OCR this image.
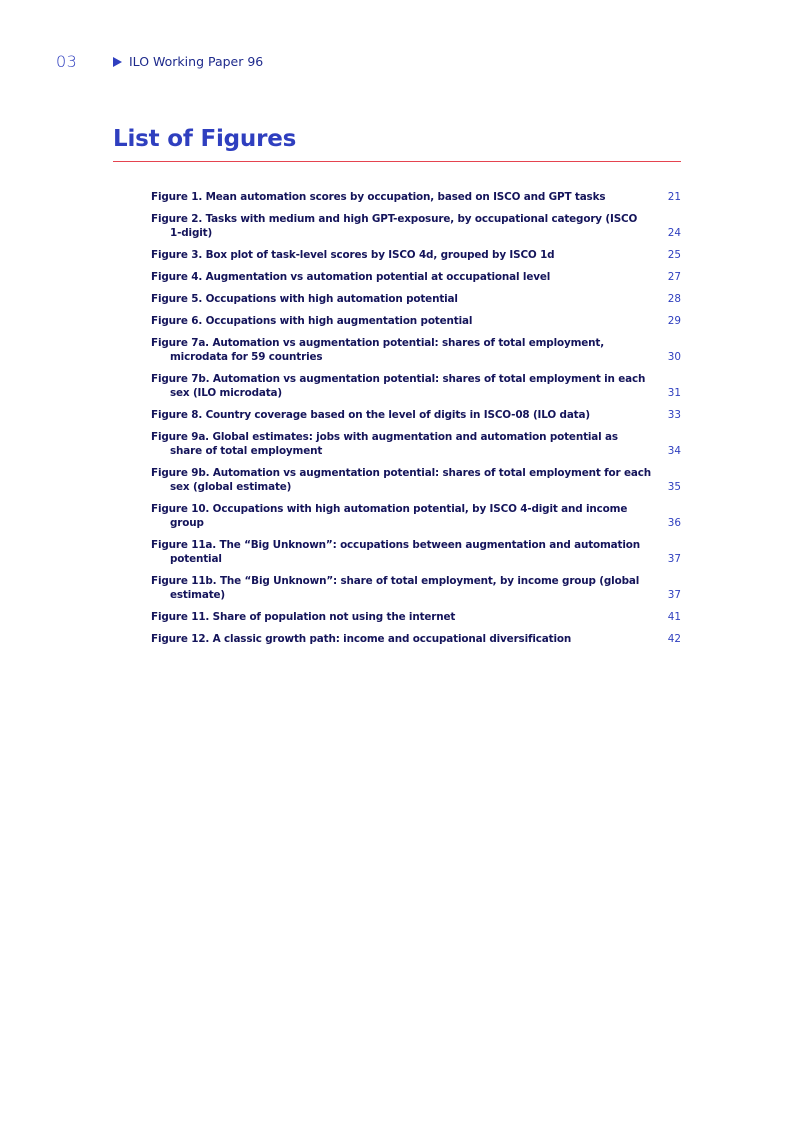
03	ILO Working Paper 96
List of Figures
Figure 1. Mean automation scores by occupation, based on ISCO and GPT tasks	21
Figure 2. Tasks with medium and high GPT-exposure, by occupational category (ISCO 1-digit)	24
Figure 3. Box plot of task-level scores by ISCO 4d, grouped by ISCO 1d	25
Figure 4. Augmentation vs automation potential at occupational level	27
Figure 5. Occupations with high automation potential	28
Figure 6. Occupations with high augmentation potential	29
Figure 7a. Automation vs augmentation potential: shares of total employment, microdata for 59 countries	30
Figure 7b. Automation vs augmentation potential: shares of total employment in each sex (ILO microdata)	31
Figure 8. Country coverage based on the level of digits in ISCO-08 (ILO data)	33
Figure 9a. Global estimates: jobs with augmentation and automation potential as share of total employment	34
Figure 9b. Automation vs augmentation potential: shares of total employment for each sex (global estimate)	35
Figure 10. Occupations with high automation potential, by ISCO 4-digit and income group	36
Figure 11a. The “Big Unknown”: occupations between augmentation and automation potential	37
Figure 11b. The “Big Unknown”: share of total employment, by income group (global estimate)	37
Figure 11. Share of population not using the internet	41
Figure 12. A classic growth path: income and occupational diversification	42
